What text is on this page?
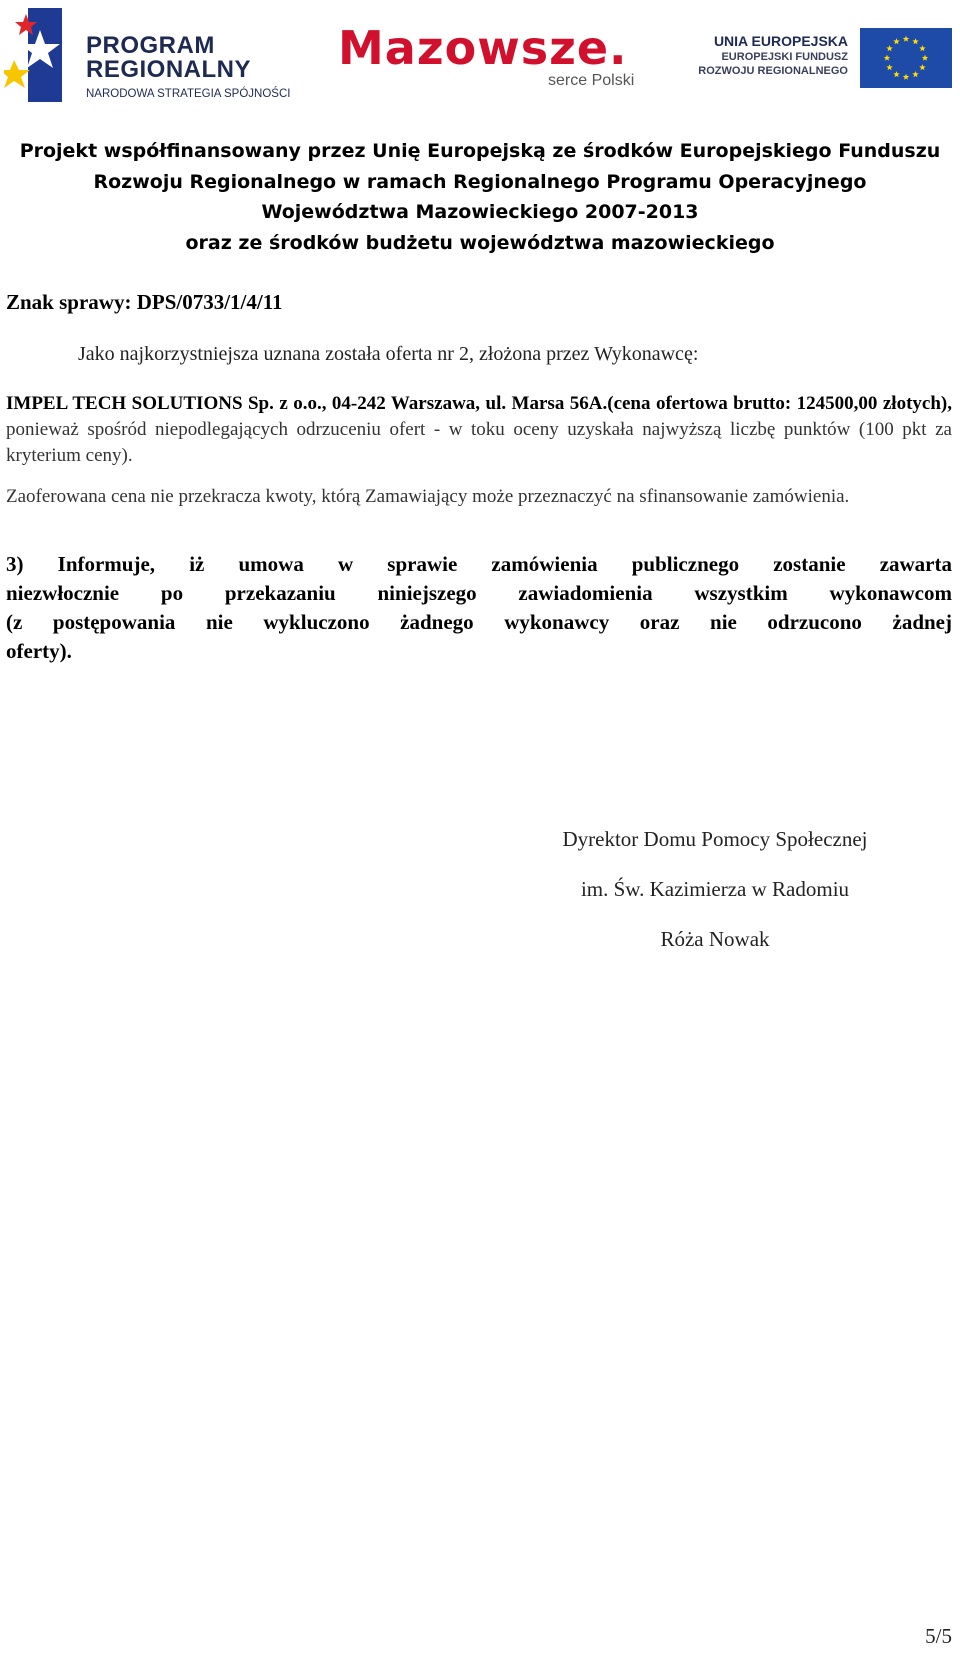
PROGRAM
REGIONALNY
NARODOWA STRATEGIA SPÓJNOŚCI
Mazowsze.
serce Polski
UNIA EUROPEJSKA
EUROPEJSKI FUNDUSZ
ROZWOJU REGIONALNEGO
Projekt współfinansowany przez Unię Europejską ze środków Europejskiego Funduszu
Rozwoju Regionalnego w ramach Regionalnego Programu Operacyjnego
Województwa Mazowieckiego 2007-2013
oraz ze środków budżetu województwa mazowieckiego
Znak sprawy: DPS/0733/1/4/11
Jako najkorzystniejsza uznana została oferta nr 2, złożona przez Wykonawcę:
IMPEL TECH SOLUTIONS Sp. z o.o., 04-242 Warszawa, ul. Marsa 56A.(cena ofertowa brutto: 124500,00 złotych), ponieważ spośród niepodlegających odrzuceniu ofert - w toku oceny uzyskała najwyższą liczbę punktów (100 pkt za kryterium ceny).
Zaoferowana cena nie przekracza kwoty, którą Zamawiający może przeznaczyć na sfinansowanie zamówienia.
3) Informuje, iż umowa w sprawie zamówienia publicznego zostanie zawarta
niezwłocznie po przekazaniu niniejszego zawiadomienia wszystkim wykonawcom
(z postępowania nie wykluczono żadnego wykonawcy oraz nie odrzucono żadnej
oferty).
Dyrektor Domu Pomocy Społecznej
im. Św. Kazimierza w Radomiu
Róża Nowak
5/5
